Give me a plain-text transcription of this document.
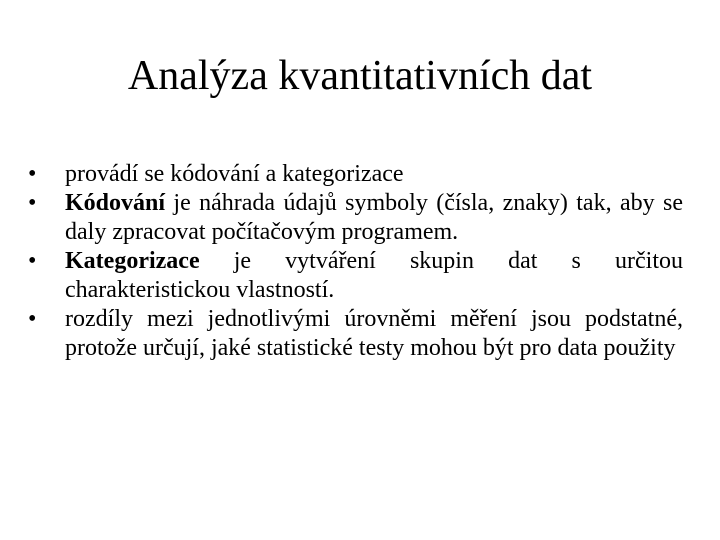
Analýza kvantitativních dat
•	provádí se kódování a kategorizace
•	Kódování je náhrada údajů symboly (čísla, znaky) tak, aby se daly zpracovat počítačovým programem.
•	Kategorizace je vytváření skupin dat s určitou charakteristickou vlastností.
•	rozdíly mezi jednotlivými úrovněmi měření jsou podstatné, protože určují, jaké statistické testy mohou být pro data použity
